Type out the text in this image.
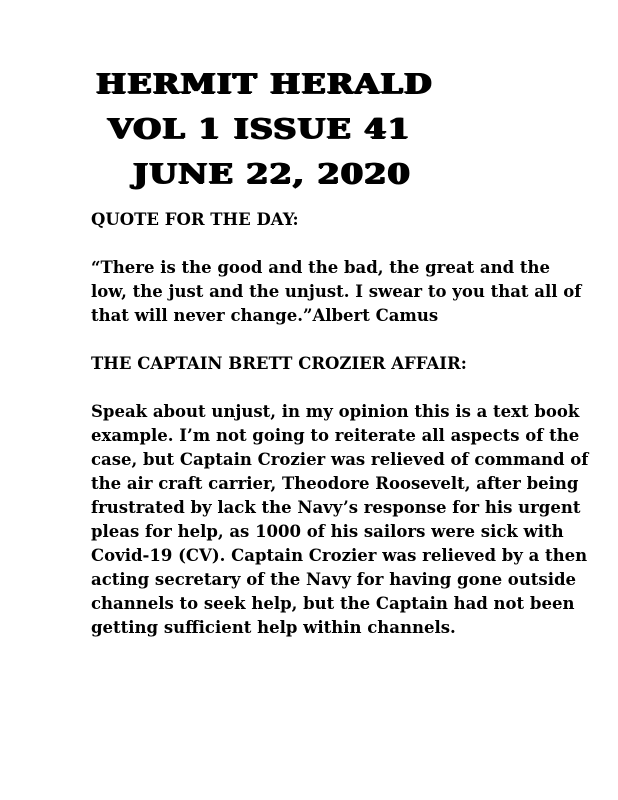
HERMIT HERALD
VOL 1 ISSUE 41
JUNE 22, 2020

QUOTE FOR THE DAY:

“There is the good and the bad, the great and the low, the just and the unjust. I swear to you that all of that will never change.”Albert Camus

THE CAPTAIN BRETT CROZIER AFFAIR:

Speak about unjust, in my opinion this is a text book example. I’m not going to reiterate all aspects of the case, but Captain Crozier was relieved of command of the air craft carrier, Theodore Roosevelt, after being frustrated by lack the Navy’s response for his urgent pleas for help, as 1000 of his sailors were sick with Covid-19 (CV). Captain Crozier was relieved by a then acting secretary of the Navy for having gone outside channels to seek help, but the Captain had not been getting sufficient help within channels.
